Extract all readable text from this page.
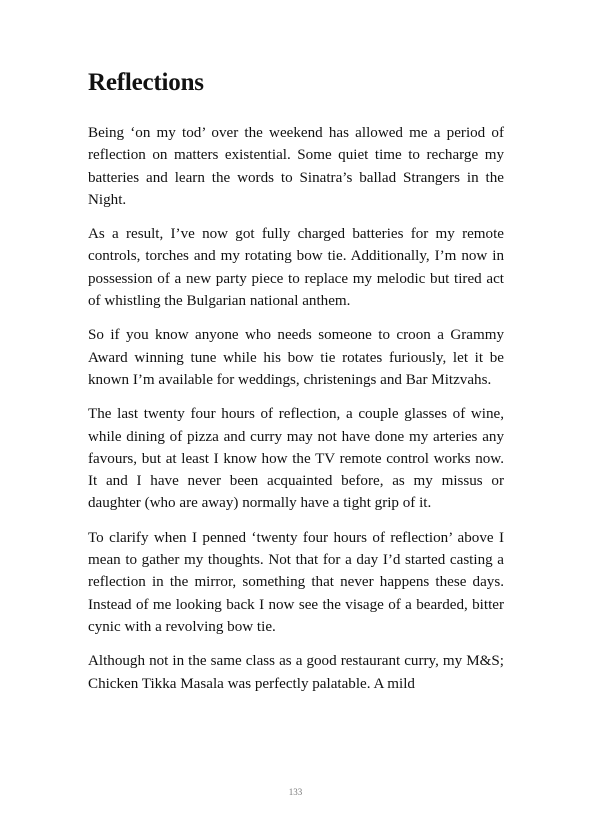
Reflections

Being ‘on my tod’ over the weekend has allowed me a period of reflection on matters existential. Some quiet time to recharge my batteries and learn the words to Sinatra’s ballad Strangers in the Night.

As a result, I’ve now got fully charged batteries for my remote controls, torches and my rotating bow tie. Additionally, I’m now in possession of a new party piece to replace my melodic but tired act of whistling the Bulgarian national anthem.

So if you know anyone who needs someone to croon a Grammy Award winning tune while his bow tie rotates furiously, let it be known I’m available for weddings, christenings and Bar Mitzvahs.

The last twenty four hours of reflection, a couple glasses of wine, while dining of pizza and curry may not have done my arteries any favours, but at least I know how the TV remote control works now. It and I have never been acquainted before, as my missus or daughter (who are away) normally have a tight grip of it.

To clarify when I penned ‘twenty four hours of reflection’ above I mean to gather my thoughts. Not that for a day I’d started casting a reflection in the mirror, something that never happens these days. Instead of me looking back I now see the visage of a bearded, bitter cynic with a revolving bow tie.

Although not in the same class as a good restaurant curry, my M&S; Chicken Tikka Masala was perfectly palatable. A mild

133
